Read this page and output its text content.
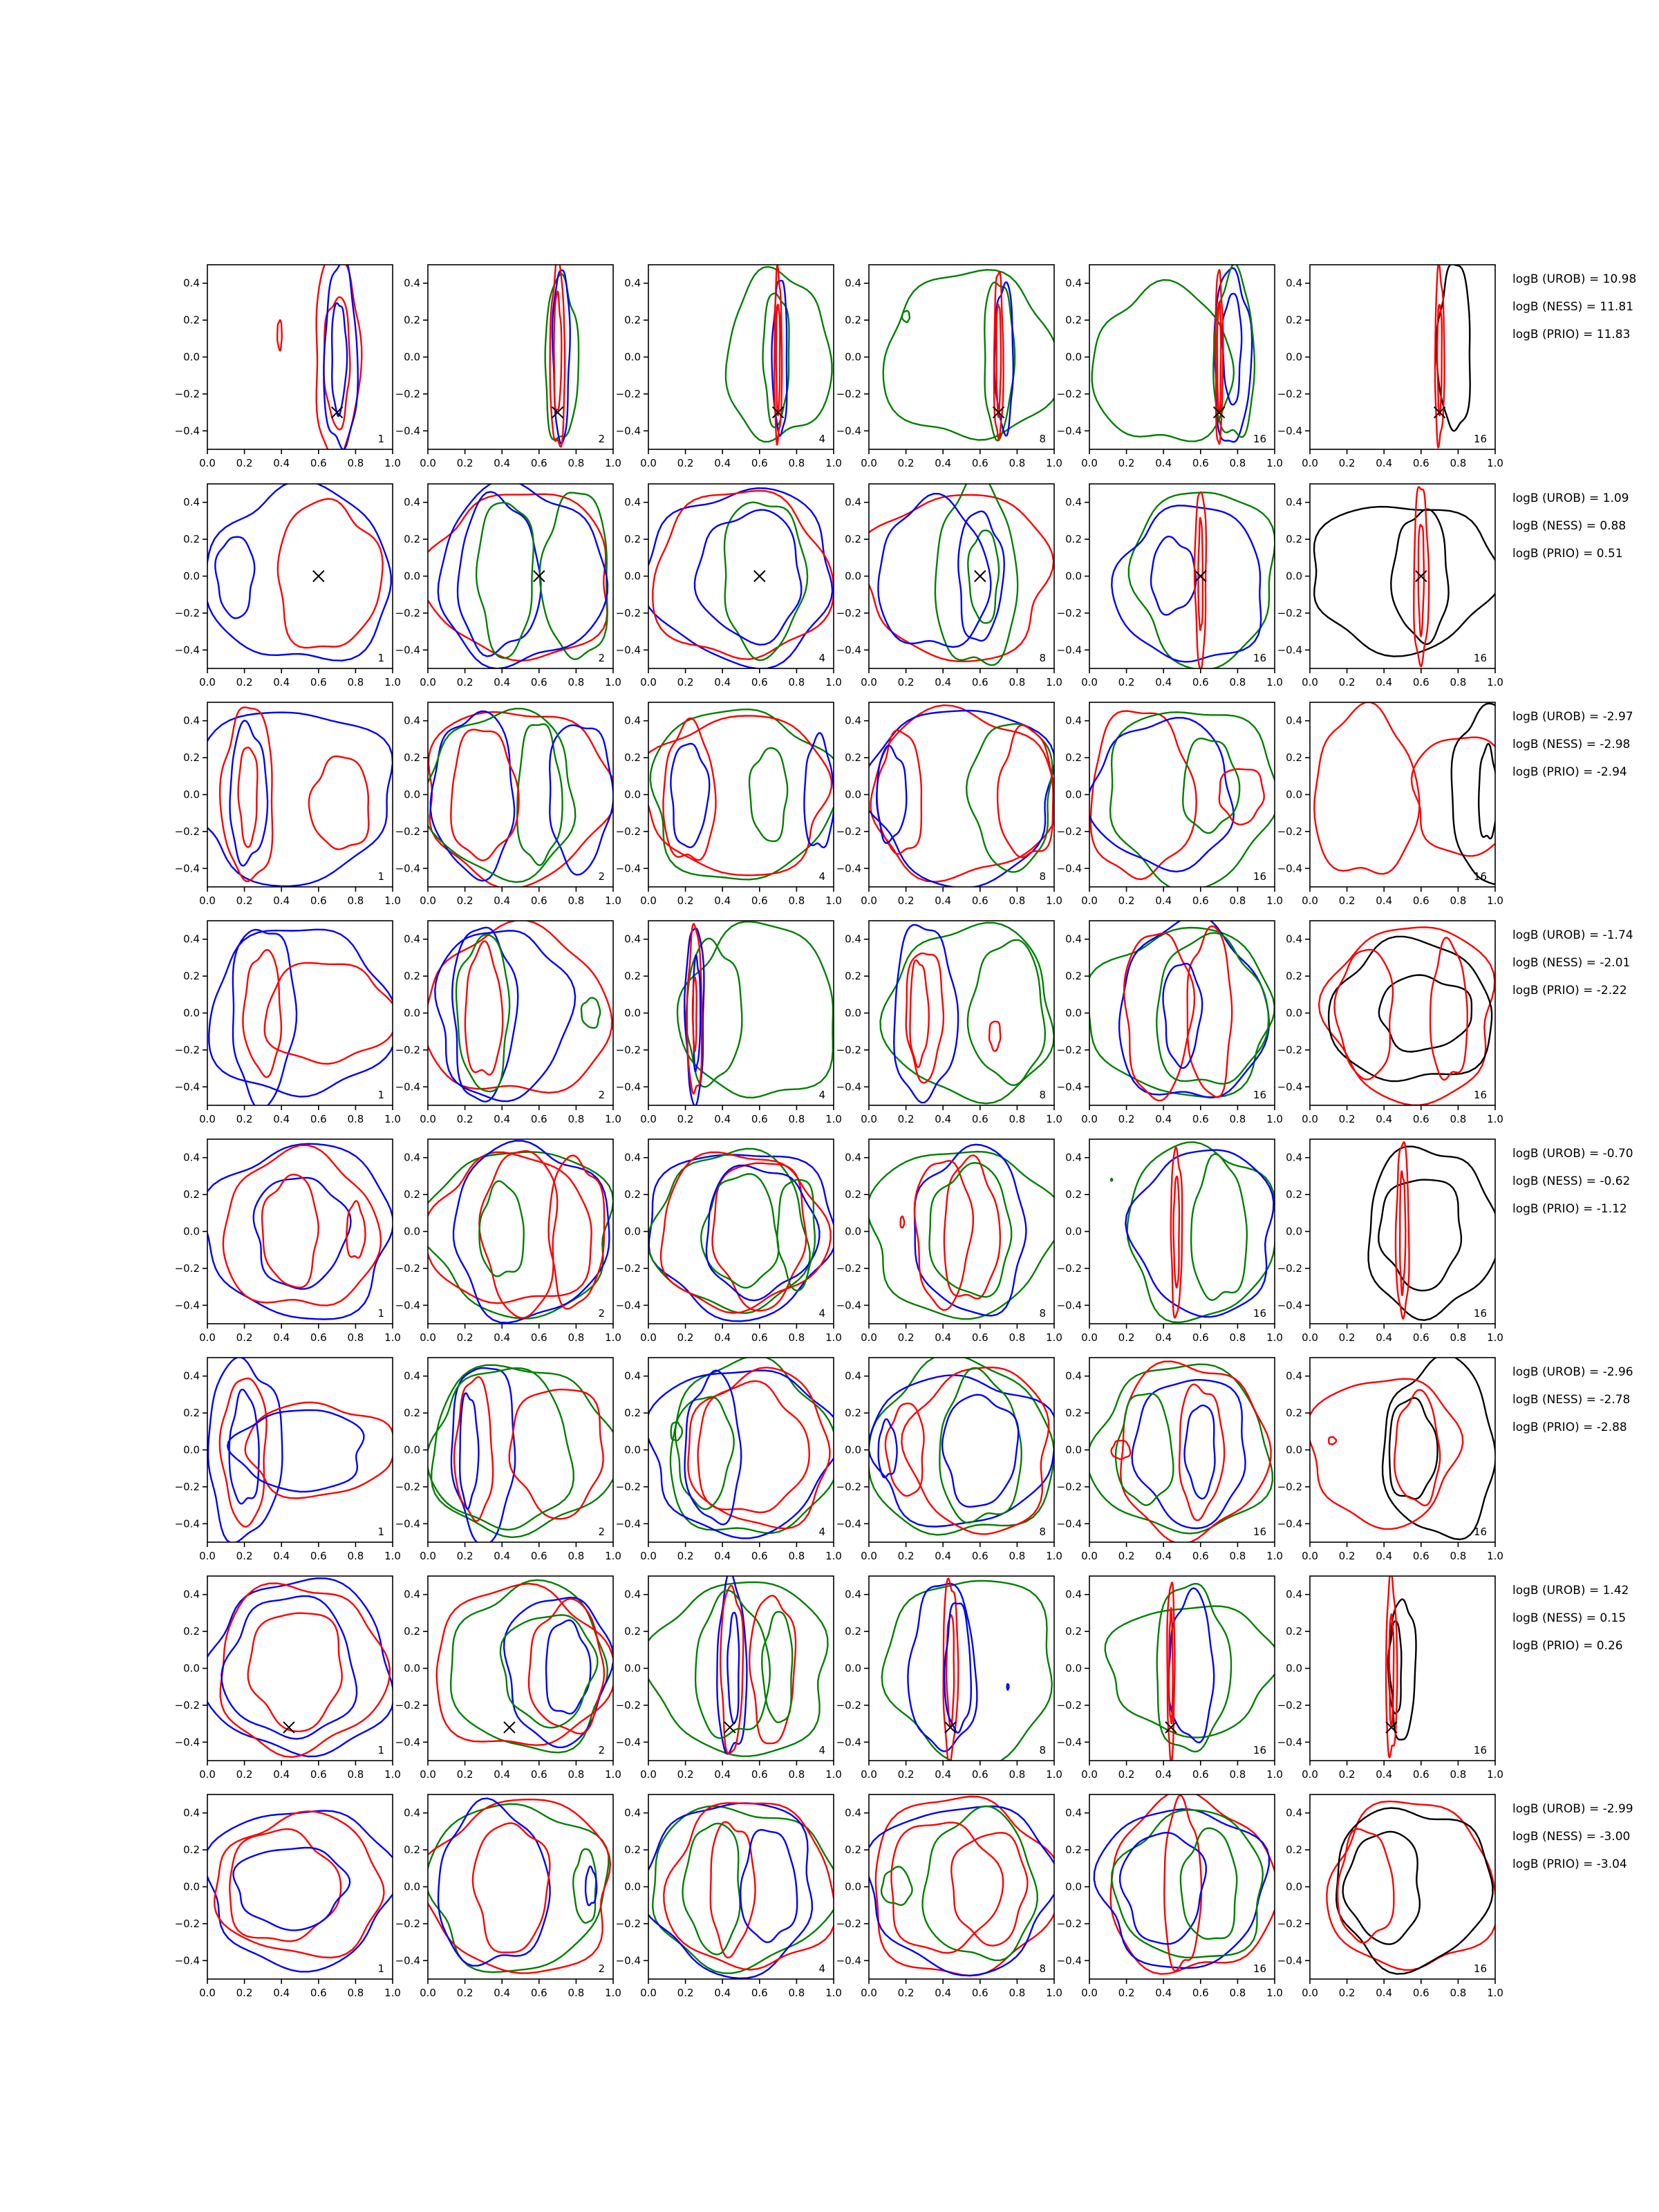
−0.4
−0.2
0.0
0.2
0.4
0.0 0.2 0.4 0.6 0.8 1.0
1
−0.4
−0.2
0.0
0.2
0.4
0.0 0.2 0.4 0.6 0.8 1.0
2
−0.4
−0.2
0.0
0.2
0.4
0.0 0.2 0.4 0.6 0.8 1.0
4
−0.4
−0.2
0.0
0.2
0.4
0.0 0.2 0.4 0.6 0.8 1.0
8
−0.4
−0.2
0.0
0.2
0.4
0.0 0.2 0.4 0.6 0.8 1.0
16
−0.4
−0.2
0.0
0.2
0.4
0.0 0.2 0.4 0.6 0.8 1.0
16
logB (UROB) = 10.98
logB (NESS) = 11.81
logB (PRIO) = 11.83
−0.4
−0.2
0.0
0.2
0.4
0.0 0.2 0.4 0.6 0.8 1.0
1
−0.4
−0.2
0.0
0.2
0.4
0.0 0.2 0.4 0.6 0.8 1.0
2
−0.4
−0.2
0.0
0.2
0.4
0.0 0.2 0.4 0.6 0.8 1.0
4
−0.4
−0.2
0.0
0.2
0.4
0.0 0.2 0.4 0.6 0.8 1.0
8
−0.4
−0.2
0.0
0.2
0.4
0.0 0.2 0.4 0.6 0.8 1.0
16
−0.4
−0.2
0.0
0.2
0.4
0.0 0.2 0.4 0.6 0.8 1.0
16
logB (UROB) = 1.09
logB (NESS) = 0.88
logB (PRIO) = 0.51
−0.4
−0.2
0.0
0.2
0.4
0.0 0.2 0.4 0.6 0.8 1.0
1
−0.4
−0.2
0.0
0.2
0.4
0.0 0.2 0.4 0.6 0.8 1.0
2
−0.4
−0.2
0.0
0.2
0.4
0.0 0.2 0.4 0.6 0.8 1.0
4
−0.4
−0.2
0.0
0.2
0.4
0.0 0.2 0.4 0.6 0.8 1.0
8
−0.4
−0.2
0.0
0.2
0.4
0.0 0.2 0.4 0.6 0.8 1.0
16
−0.4
−0.2
0.0
0.2
0.4
0.0 0.2 0.4 0.6 0.8 1.0
16
logB (UROB) = -2.97
logB (NESS) = -2.98
logB (PRIO) = -2.94
−0.4
−0.2
0.0
0.2
0.4
0.0 0.2 0.4 0.6 0.8 1.0
1
−0.4
−0.2
0.0
0.2
0.4
0.0 0.2 0.4 0.6 0.8 1.0
2
−0.4
−0.2
0.0
0.2
0.4
0.0 0.2 0.4 0.6 0.8 1.0
4
−0.4
−0.2
0.0
0.2
0.4
0.0 0.2 0.4 0.6 0.8 1.0
8
−0.4
−0.2
0.0
0.2
0.4
0.0 0.2 0.4 0.6 0.8 1.0
16
−0.4
−0.2
0.0
0.2
0.4
0.0 0.2 0.4 0.6 0.8 1.0
16
logB (UROB) = -1.74
logB (NESS) = -2.01
logB (PRIO) = -2.22
−0.4
−0.2
0.0
0.2
0.4
0.0 0.2 0.4 0.6 0.8 1.0
1
−0.4
−0.2
0.0
0.2
0.4
0.0 0.2 0.4 0.6 0.8 1.0
2
−0.4
−0.2
0.0
0.2
0.4
0.0 0.2 0.4 0.6 0.8 1.0
4
−0.4
−0.2
0.0
0.2
0.4
0.0 0.2 0.4 0.6 0.8 1.0
8
−0.4
−0.2
0.0
0.2
0.4
0.0 0.2 0.4 0.6 0.8 1.0
16
−0.4
−0.2
0.0
0.2
0.4
0.0 0.2 0.4 0.6 0.8 1.0
16
logB (UROB) = -0.70
logB (NESS) = -0.62
logB (PRIO) = -1.12
−0.4
−0.2
0.0
0.2
0.4
0.0 0.2 0.4 0.6 0.8 1.0
1
−0.4
−0.2
0.0
0.2
0.4
0.0 0.2 0.4 0.6 0.8 1.0
2
−0.4
−0.2
0.0
0.2
0.4
0.0 0.2 0.4 0.6 0.8 1.0
4
−0.4
−0.2
0.0
0.2
0.4
0.0 0.2 0.4 0.6 0.8 1.0
8
−0.4
−0.2
0.0
0.2
0.4
0.0 0.2 0.4 0.6 0.8 1.0
16
−0.4
−0.2
0.0
0.2
0.4
0.0 0.2 0.4 0.6 0.8 1.0
16
logB (UROB) = -2.96
logB (NESS) = -2.78
logB (PRIO) = -2.88
−0.4
−0.2
0.0
0.2
0.4
0.0 0.2 0.4 0.6 0.8 1.0
1
−0.4
−0.2
0.0
0.2
0.4
0.0 0.2 0.4 0.6 0.8 1.0
2
−0.4
−0.2
0.0
0.2
0.4
0.0 0.2 0.4 0.6 0.8 1.0
4
−0.4
−0.2
0.0
0.2
0.4
0.0 0.2 0.4 0.6 0.8 1.0
8
−0.4
−0.2
0.0
0.2
0.4
0.0 0.2 0.4 0.6 0.8 1.0
16
−0.4
−0.2
0.0
0.2
0.4
0.0 0.2 0.4 0.6 0.8 1.0
16
logB (UROB) = 1.42
logB (NESS) = 0.15
logB (PRIO) = 0.26
−0.4
−0.2
0.0
0.2
0.4
0.0 0.2 0.4 0.6 0.8 1.0
1
−0.4
−0.2
0.0
0.2
0.4
0.0 0.2 0.4 0.6 0.8 1.0
2
−0.4
−0.2
0.0
0.2
0.4
0.0 0.2 0.4 0.6 0.8 1.0
4
−0.4
−0.2
0.0
0.2
0.4
0.0 0.2 0.4 0.6 0.8 1.0
8
−0.4
−0.2
0.0
0.2
0.4
0.0 0.2 0.4 0.6 0.8 1.0
16
−0.4
−0.2
0.0
0.2
0.4
0.0 0.2 0.4 0.6 0.8 1.0
16
logB (UROB) = -2.99
logB (NESS) = -3.00
logB (PRIO) = -3.04
